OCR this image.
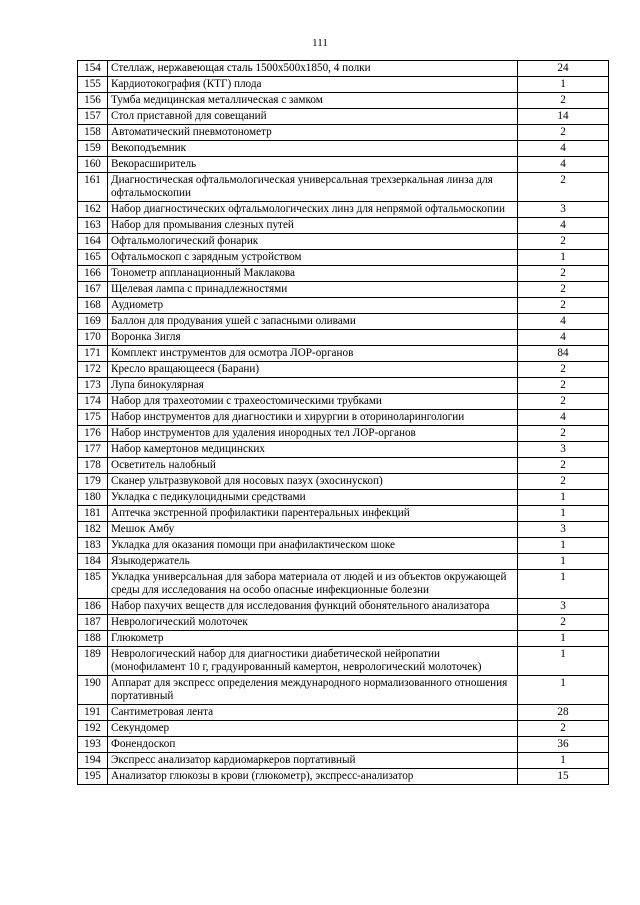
111
154	Стеллаж, нержавеющая сталь 1500х500х1850, 4 полки	24
155	Кардиотокография (КТГ) плода	1
156	Тумба медицинская металлическая с замком	2
157	Стол приставной для совещаний	14
158	Автоматический пневмотонометр	2
159	Векоподъемник	4
160	Векорасширитель	4
161	Диагностическая офтальмологическая универсальная трехзеркальная линза для офтальмоскопии	2
162	Набор диагностических офтальмологических линз для непрямой офтальмоскопии	3
163	Набор для промывания слезных путей	4
164	Офтальмологический фонарик	2
165	Офтальмоскоп с зарядным устройством	1
166	Тонометр аппланационный Маклакова	2
167	Щелевая лампа с принадлежностями	2
168	Аудиометр	2
169	Баллон для продувания ушей с запасными оливами	4
170	Воронка Зигля	4
171	Комплект инструментов для осмотра ЛОР-органов	84
172	Кресло вращающееся (Барани)	2
173	Лупа бинокулярная	2
174	Набор для трахеотомии с трахеостомическими трубками	2
175	Набор инструментов для диагностики и хирургии в оториноларингологии	4
176	Набор инструментов для удаления инородных тел ЛОР-органов	2
177	Набор камертонов медицинских	3
178	Осветитель налобный	2
179	Сканер ультразвуковой для носовых пазух (эхосинускоп)	2
180	Укладка с педикулоцидными средствами	1
181	Аптечка экстренной профилактики парентеральных инфекций	1
182	Мешок Амбу	3
183	Укладка для оказания помощи при анафилактическом шоке	1
184	Языкодержатель	1
185	Укладка универсальная для забора материала от людей и из объектов окружающей среды для исследования на особо опасные инфекционные болезни	1
186	Набор пахучих веществ для исследования функций обонятельного анализатора	3
187	Неврологический молоточек	2
188	Глюкометр	1
189	Неврологический набор для диагностики диабетической нейропатии (монофиламент 10 г, градуированный камертон, неврологический молоточек)	1
190	Аппарат для экспресс определения международного нормализованного отношения портативный	1
191	Сантиметровая лента	28
192	Секундомер	2
193	Фонендоскоп	36
194	Экспресс анализатор кардиомаркеров портативный	1
195	Анализатор глюкозы в крови (глюкометр), экспресс-анализатор	15
